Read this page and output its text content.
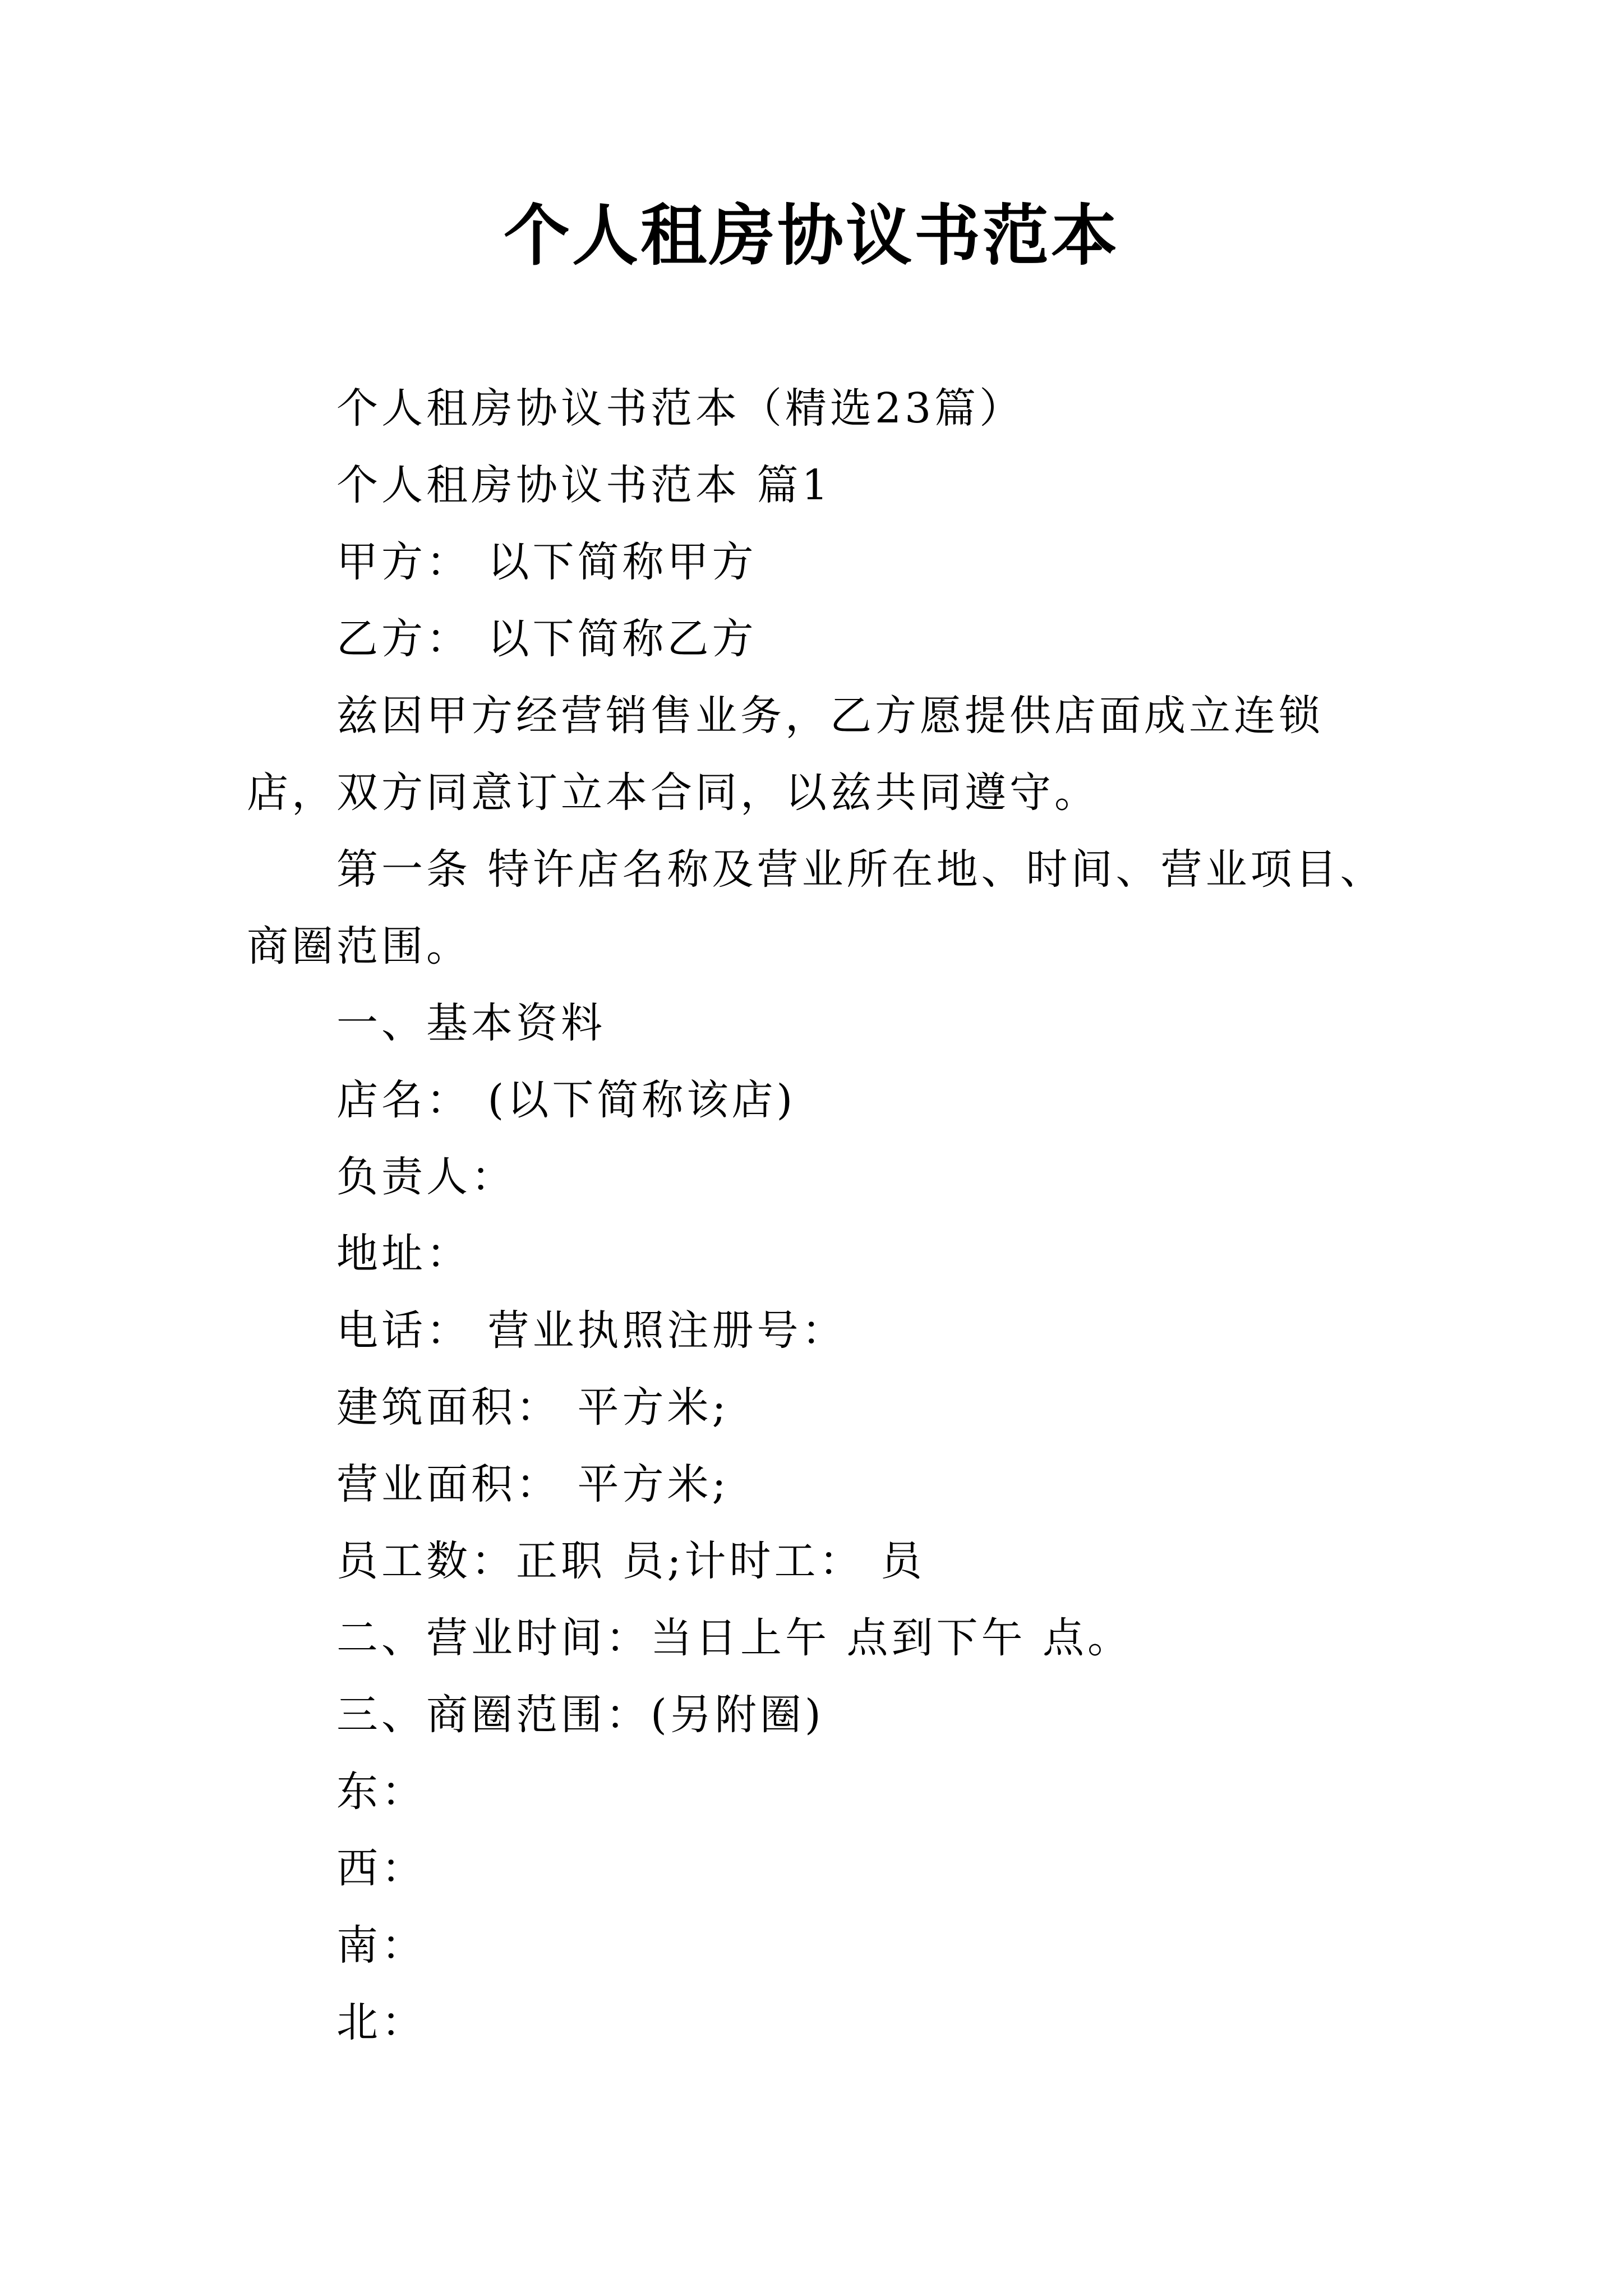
个人租房协议书范本

个人租房协议书范本（精选23篇）

个人租房协议书范本 篇1

甲方： 以下简称甲方

乙方： 以下简称乙方

兹因甲方经营销售业务，乙方愿提供店面成立连锁店，双方同意订立本合同，以兹共同遵守。

第一条 特许店名称及营业所在地、时间、营业项目、商圈范围。

一、基本资料

店名： (以下简称该店)

负责人：

地址：

电话： 营业执照注册号：

建筑面积： 平方米;

营业面积： 平方米;

员工数：正职 员;计时工： 员

二、营业时间：当日上午 点到下午 点。

三、商圈范围：(另附圈)

东：

西：

南：

北：
